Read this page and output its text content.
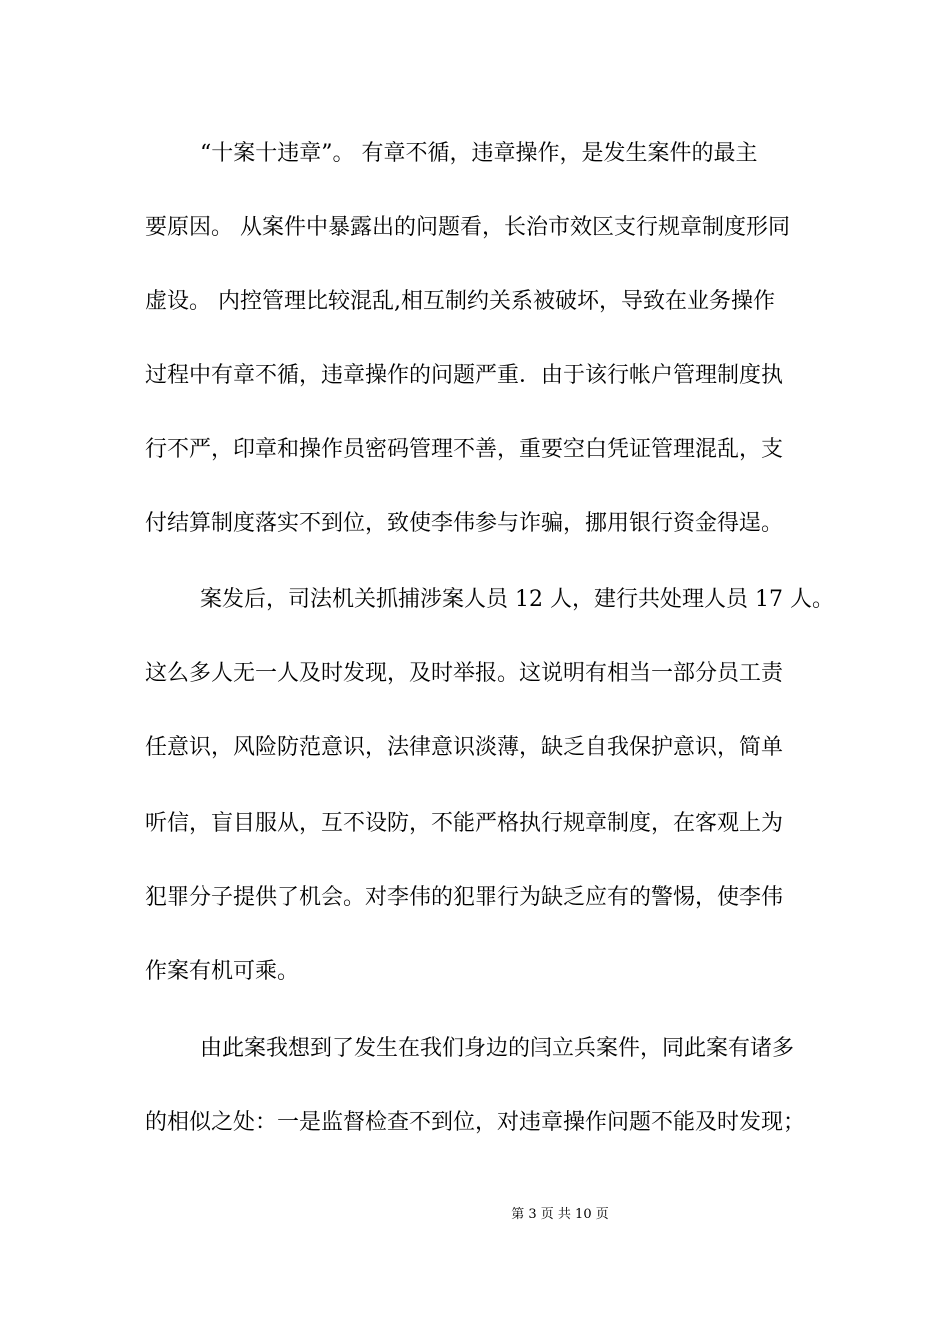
“十案十违章”。 有章不循，违章操作，是发生案件的最主
要原因。 从案件中暴露出的问题看，长治市效区支行规章制度形同
虚设。 内控管理比较混乱,相互制约关系被破坏，导致在业务操作
过程中有章不循，违章操作的问题严重．由于该行帐户管理制度执
行不严，印章和操作员密码管理不善，重要空白凭证管理混乱，支
付结算制度落实不到位，致使李伟参与诈骗，挪用银行资金得逞。
案发后，司法机关抓捕涉案人员 12 人，建行共处理人员 17 人。
这么多人无一人及时发现，及时举报。这说明有相当一部分员工责
任意识，风险防范意识，法律意识淡薄，缺乏自我保护意识，简单
听信，盲目服从，互不设防，不能严格执行规章制度，在客观上为
犯罪分子提供了机会。对李伟的犯罪行为缺乏应有的警惕，使李伟
作案有机可乘。
由此案我想到了发生在我们身边的闫立兵案件，同此案有诸多
的相似之处：一是监督检查不到位，对违章操作问题不能及时发现；
第 3 页 共 10 页
